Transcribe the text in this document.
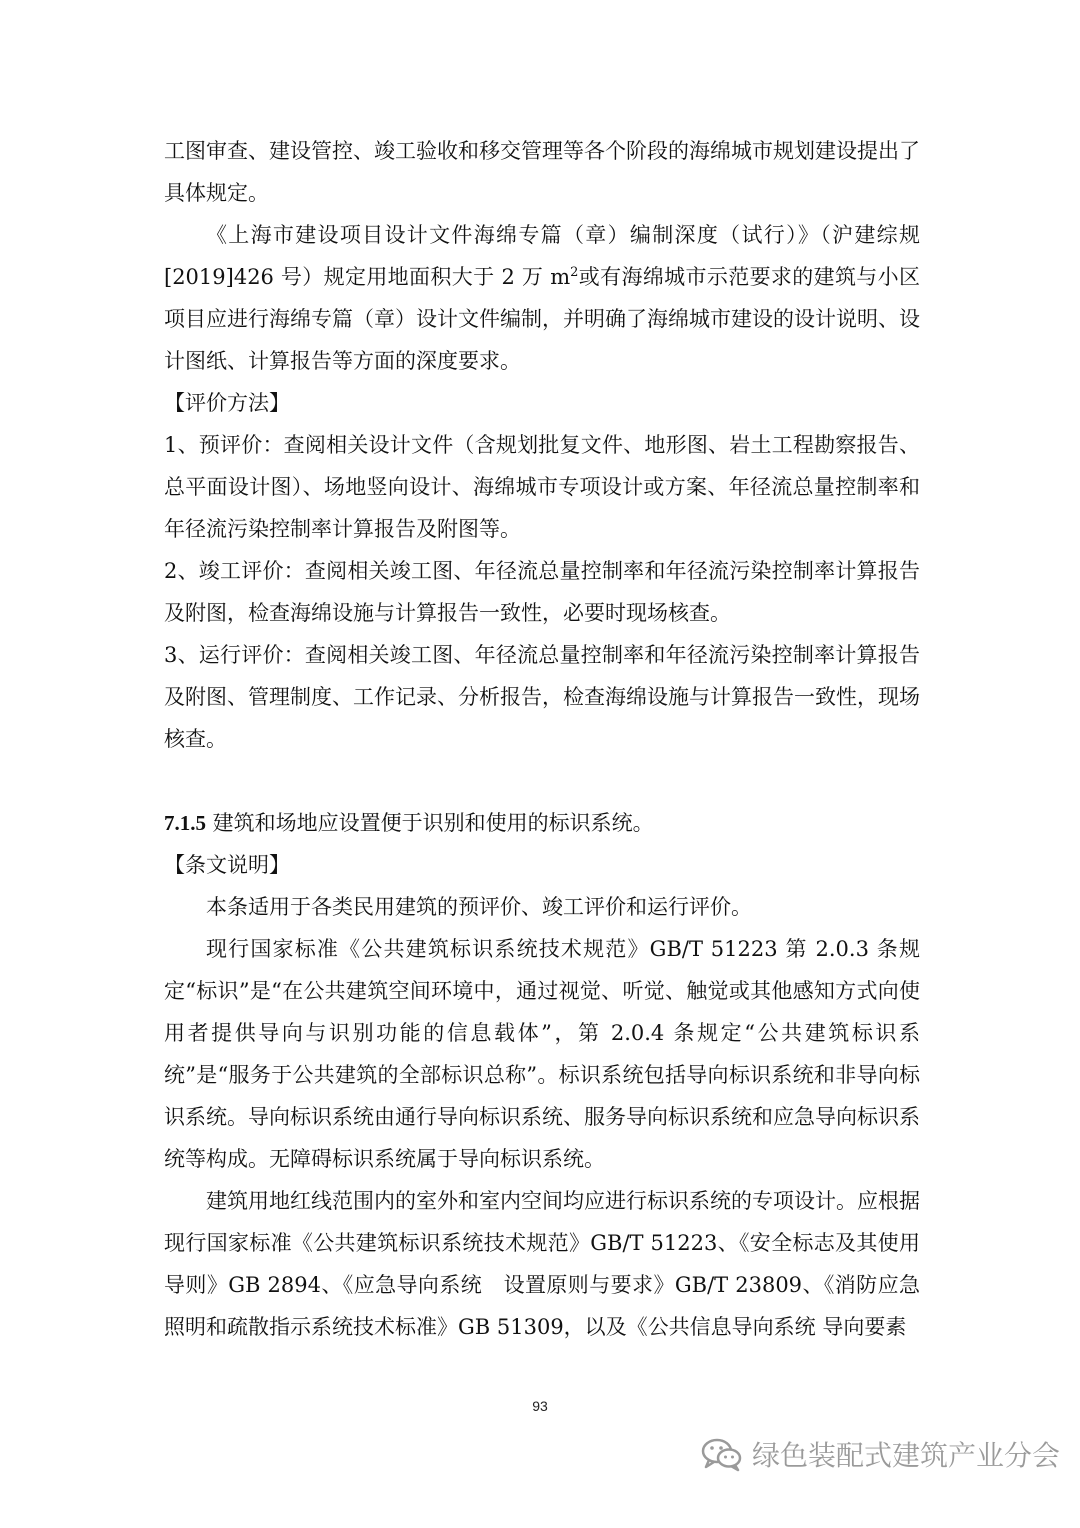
工图审查、建设管控、竣工验收和移交管理等各个阶段的海绵城市规划建设提出了具体规定。

《上海市建设项目设计文件海绵专篇（章）编制深度（试行）》（沪建综规[2019]426 号）规定用地面积大于 2 万 $m^2$或有海绵城市示范要求的建筑与小区项目应进行海绵专篇（章）设计文件编制，并明确了海绵城市建设的设计说明、设计图纸、计算报告等方面的深度要求。

【评价方法】

1、预评价：查阅相关设计文件（含规划批复文件、地形图、岩土工程勘察报告、总平面设计图）、场地竖向设计、海绵城市专项设计或方案、年径流总量控制率和年径流污染控制率计算报告及附图等。

2、竣工评价：查阅相关竣工图、年径流总量控制率和年径流污染控制率计算报告及附图，检查海绵设施与计算报告一致性，必要时现场核查。

3、运行评价：查阅相关竣工图、年径流总量控制率和年径流污染控制率计算报告及附图、管理制度、工作记录、分析报告，检查海绵设施与计算报告一致性，现场核查。

7.1.5 建筑和场地应设置便于识别和使用的标识系统。

【条文说明】

本条适用于各类民用建筑的预评价、竣工评价和运行评价。

现行国家标准《公共建筑标识系统技术规范》GB/T 51223 第 2.0.3 条规定“标识”是“在公共建筑空间环境中，通过视觉、听觉、触觉或其他感知方式向使用者提供导向与识别功能的信息载体”，第 2.0.4 条规定“公共建筑标识系统”是“服务于公共建筑的全部标识总称”。标识系统包括导向标识系统和非导向标识系统。导向标识系统由通行导向标识系统、服务导向标识系统和应急导向标识系统等构成。无障碍标识系统属于导向标识系统。

建筑用地红线范围内的室外和室内空间均应进行标识系统的专项设计。应根据现行国家标准《公共建筑标识系统技术规范》GB/T 51223、《安全标志及其使用导则》GB 2894、《应急导向系统　设置原则与要求》GB/T 23809、《消防应急照明和疏散指示系统技术标准》GB 51309，以及《公共信息导向系统 导向要素

93
绿色装配式建筑产业分会
